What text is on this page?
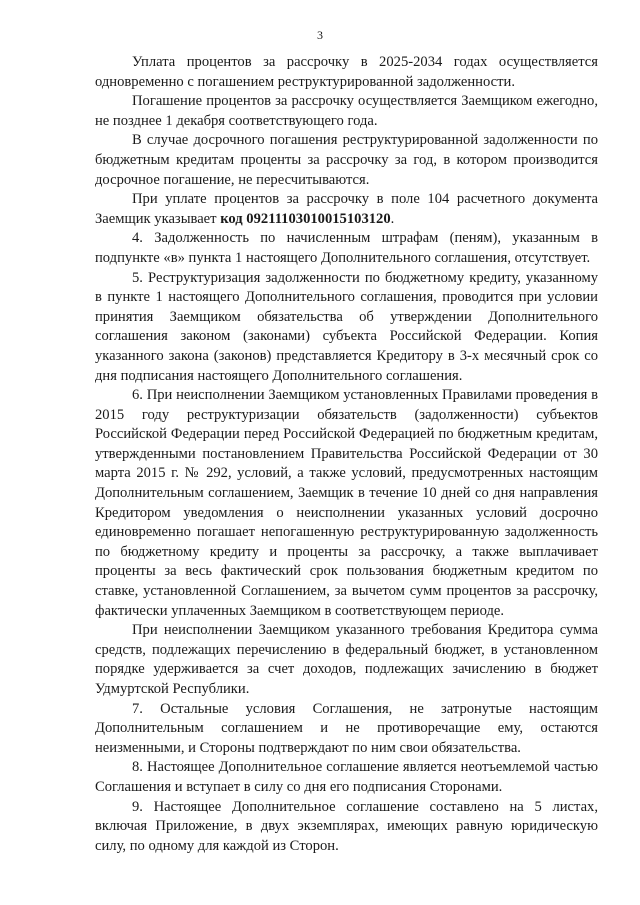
3

Уплата процентов за рассрочку в 2025-2034 годах осуществляется одновременно с погашением реструктурированной задолженности.

Погашение процентов за рассрочку осуществляется Заемщиком ежегодно, не позднее 1 декабря соответствующего года.

В случае досрочного погашения реструктурированной задолженности по бюджетным кредитам проценты за рассрочку за год, в котором производится досрочное погашение, не пересчитываются.

При уплате процентов за рассрочку в поле 104 расчетного документа Заемщик указывает код 09211103010015103120.

4. Задолженность по начисленным штрафам (пеням), указанным в подпункте «в» пункта 1 настоящего Дополнительного соглашения, отсутствует.

5. Реструктуризация задолженности по бюджетному кредиту, указанному в пункте 1 настоящего Дополнительного соглашения, проводится при условии принятия Заемщиком обязательства об утверждении Дополнительного соглашения законом (законами) субъекта Российской Федерации. Копия указанного закона (законов) представляется Кредитору в 3-х месячный срок со дня подписания настоящего Дополнительного соглашения.

6. При неисполнении Заемщиком установленных Правилами проведения в 2015 году реструктуризации обязательств (задолженности) субъектов Российской Федерации перед Российской Федерацией по бюджетным кредитам, утвержденными постановлением Правительства Российской Федерации от 30 марта 2015 г. № 292, условий, а также условий, предусмотренных настоящим Дополнительным соглашением, Заемщик в течение 10 дней со дня направления Кредитором уведомления о неисполнении указанных условий досрочно единовременно погашает непогашенную реструктурированную задолженность по бюджетному кредиту и проценты за рассрочку, а также выплачивает проценты за весь фактический срок пользования бюджетным кредитом по ставке, установленной Соглашением, за вычетом сумм процентов за рассрочку, фактически уплаченных Заемщиком в соответствующем периоде.

При неисполнении Заемщиком указанного требования Кредитора сумма средств, подлежащих перечислению в федеральный бюджет, в установленном порядке удерживается за счет доходов, подлежащих зачислению в бюджет Удмуртской Республики.

7. Остальные условия Соглашения, не затронутые настоящим Дополнительным соглашением и не противоречащие ему, остаются неизменными, и Стороны подтверждают по ним свои обязательства.

8. Настоящее Дополнительное соглашение является неотъемлемой частью Соглашения и вступает в силу со дня его подписания Сторонами.

9. Настоящее Дополнительное соглашение составлено на 5 листах, включая Приложение, в двух экземплярах, имеющих равную юридическую силу, по одному для каждой из Сторон.
